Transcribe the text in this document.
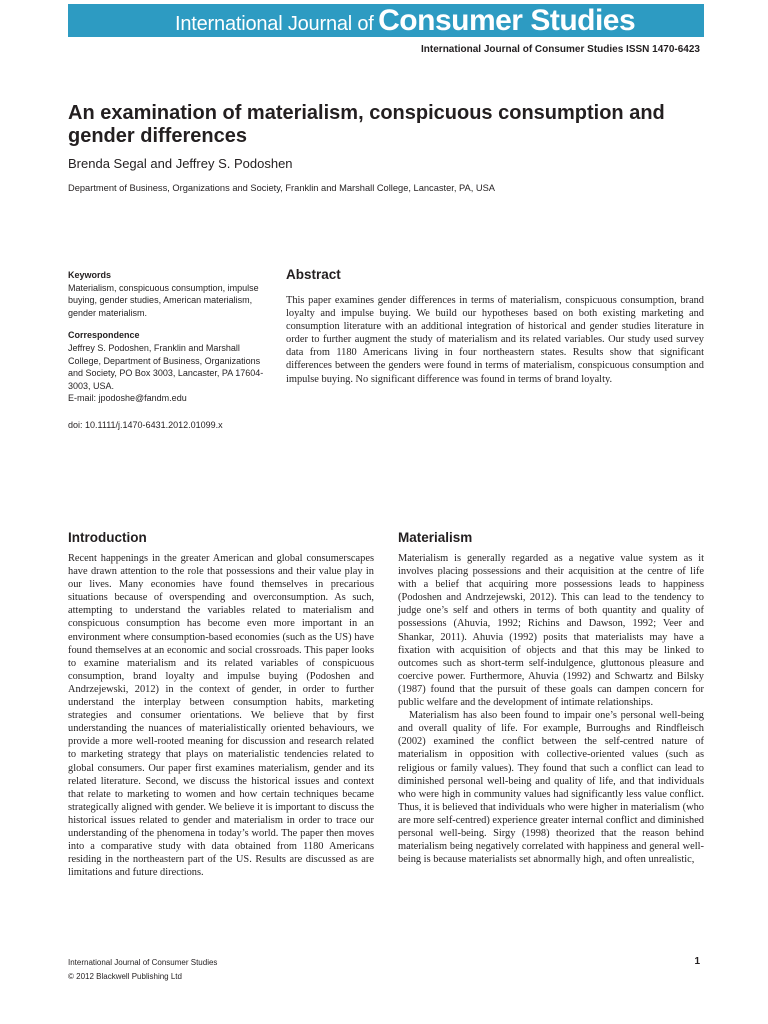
International Journal of Consumer Studies
International Journal of Consumer Studies ISSN 1470-6423
An examination of materialism, conspicuous consumption and gender differences
Brenda Segal and Jeffrey S. Podoshen
Department of Business, Organizations and Society, Franklin and Marshall College, Lancaster, PA, USA
Keywords
Materialism, conspicuous consumption, impulse buying, gender studies, American materialism, gender materialism.
Correspondence
Jeffrey S. Podoshen, Franklin and Marshall College, Department of Business, Organizations and Society, PO Box 3003, Lancaster, PA 17604-3003, USA.
E-mail: jpodoshe@fandm.edu
doi: 10.1111/j.1470-6431.2012.01099.x
Abstract

This paper examines gender differences in terms of materialism, conspicuous consumption, brand loyalty and impulse buying. We build our hypotheses based on both existing marketing and consumption literature with an additional integration of historical and gender studies literature in order to further augment the study of materialism and its related variables. Our study used survey data from 1180 Americans living in four northeastern states. Results show that significant differences between the genders were found in terms of materialism, conspicuous consumption and impulse buying. No significant difference was found in terms of brand loyalty.

Introduction

Recent happenings in the greater American and global consumerscapes have drawn attention to the role that possessions and their value play in our lives. Many economies have found themselves in precarious situations because of overspending and overconsumption. As such, attempting to understand the variables related to materialism and conspicuous consumption has become even more important in an environment where consumption-based economies (such as the US) have found themselves at an economic and social crossroads. This paper looks to examine materialism and its related variables of conspicuous consumption, brand loyalty and impulse buying (Podoshen and Andrzejewski, 2012) in the context of gender, in order to further understand the interplay between consumption habits, marketing strategies and consumer orientations. We believe that by first understanding the nuances of materialistically oriented behaviours, we provide a more well-rooted meaning for discussion and research related to marketing strategy that plays on materialistic tendencies related to global consumers. Our paper first examines materialism, gender and its related literature. Second, we discuss the historical issues and context that relate to marketing to women and how certain techniques became strategically aligned with gender. We believe it is important to discuss the historical issues related to gender and materialism in order to trace our understanding of the phenomena in today’s world. The paper then moves into a comparative study with data obtained from 1180 Americans residing in the northeastern part of the US. Results are discussed as are limitations and future directions.

Materialism

Materialism is generally regarded as a negative value system as it involves placing possessions and their acquisition at the centre of life with a belief that acquiring more possessions leads to happiness (Podoshen and Andrzejewski, 2012). This can lead to the tendency to judge one’s self and others in terms of both quantity and quality of possessions (Ahuvia, 1992; Richins and Dawson, 1992; Veer and Shankar, 2011). Ahuvia (1992) posits that materialists may have a fixation with acquisition of objects and that this may be linked to outcomes such as short-term self-indulgence, gluttonous pleasure and coercive power. Furthermore, Ahuvia (1992) and Schwartz and Bilsky (1987) found that the pursuit of these goals can dampen concern for public welfare and the development of intimate relationships.

Materialism has also been found to impair one’s personal well-being and overall quality of life. For example, Burroughs and Rindfleisch (2002) examined the conflict between the self-centred nature of materialism in opposition with collective-oriented values (such as religious or family values). They found that such a conflict can lead to diminished personal well-being and quality of life, and that individuals who were high in community values had significantly less value conflict. Thus, it is believed that individuals who were higher in materialism (who are more self-centred) experience greater internal conflict and diminished personal well-being. Sirgy (1998) theorized that the reason behind materialism being negatively correlated with happiness and general well-being is because materialists set abnormally high, and often unrealistic,

International Journal of Consumer Studies
© 2012 Blackwell Publishing Ltd
1
